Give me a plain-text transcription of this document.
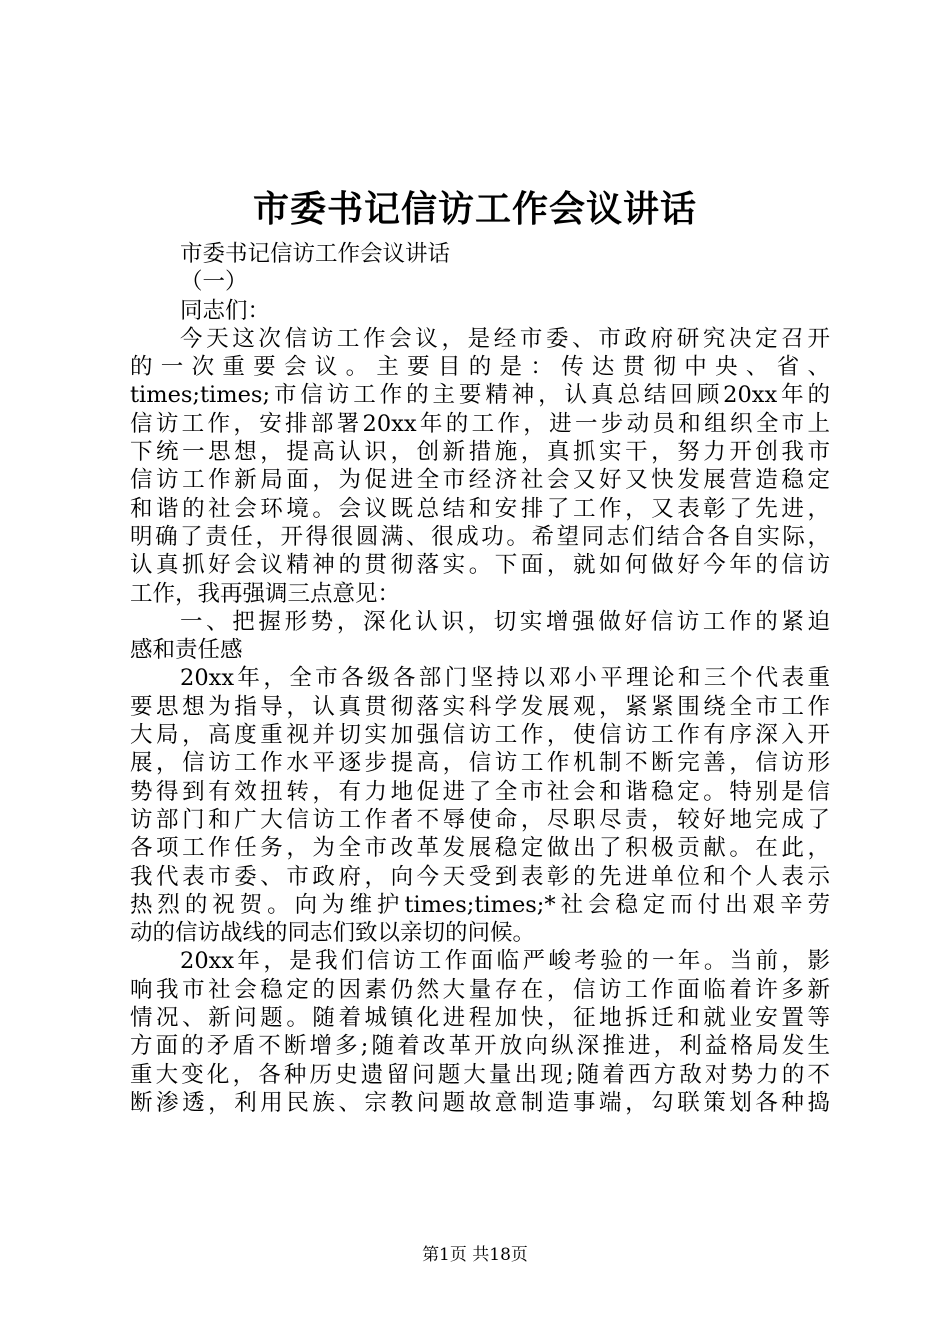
市委书记信访工作会议讲话
市委书记信访工作会议讲话
（一）
同志们：
今天这次信访工作会议，是经市委、市政府研究决定召开
的一次重要会议。主要目的是：传达贯彻中央、省、
times;times;市信访工作的主要精神，认真总结回顾20xx年的
信访工作，安排部署20xx年的工作，进一步动员和组织全市上
下统一思想，提高认识，创新措施，真抓实干，努力开创我市
信访工作新局面，为促进全市经济社会又好又快发展营造稳定
和谐的社会环境。会议既总结和安排了工作，又表彰了先进，
明确了责任，开得很圆满、很成功。希望同志们结合各自实际，
认真抓好会议精神的贯彻落实。下面，就如何做好今年的信访
工作，我再强调三点意见：
一、把握形势，深化认识，切实增强做好信访工作的紧迫
感和责任感
20xx年，全市各级各部门坚持以邓小平理论和三个代表重
要思想为指导，认真贯彻落实科学发展观，紧紧围绕全市工作
大局，高度重视并切实加强信访工作，使信访工作有序深入开
展，信访工作水平逐步提高，信访工作机制不断完善，信访形
势得到有效扭转，有力地促进了全市社会和谐稳定。特别是信
访部门和广大信访工作者不辱使命，尽职尽责，较好地完成了
各项工作任务，为全市改革发展稳定做出了积极贡献。在此，
我代表市委、市政府，向今天受到表彰的先进单位和个人表示
热烈的祝贺。向为维护times;times;*社会稳定而付出艰辛劳
动的信访战线的同志们致以亲切的问候。
20xx年，是我们信访工作面临严峻考验的一年。当前，影
响我市社会稳定的因素仍然大量存在，信访工作面临着许多新
情况、新问题。随着城镇化进程加快，征地拆迁和就业安置等
方面的矛盾不断增多;随着改革开放向纵深推进，利益格局发生
重大变化，各种历史遗留问题大量出现;随着西方敌对势力的不
断渗透，利用民族、宗教问题故意制造事端，勾联策划各种捣
第1页 共18页
